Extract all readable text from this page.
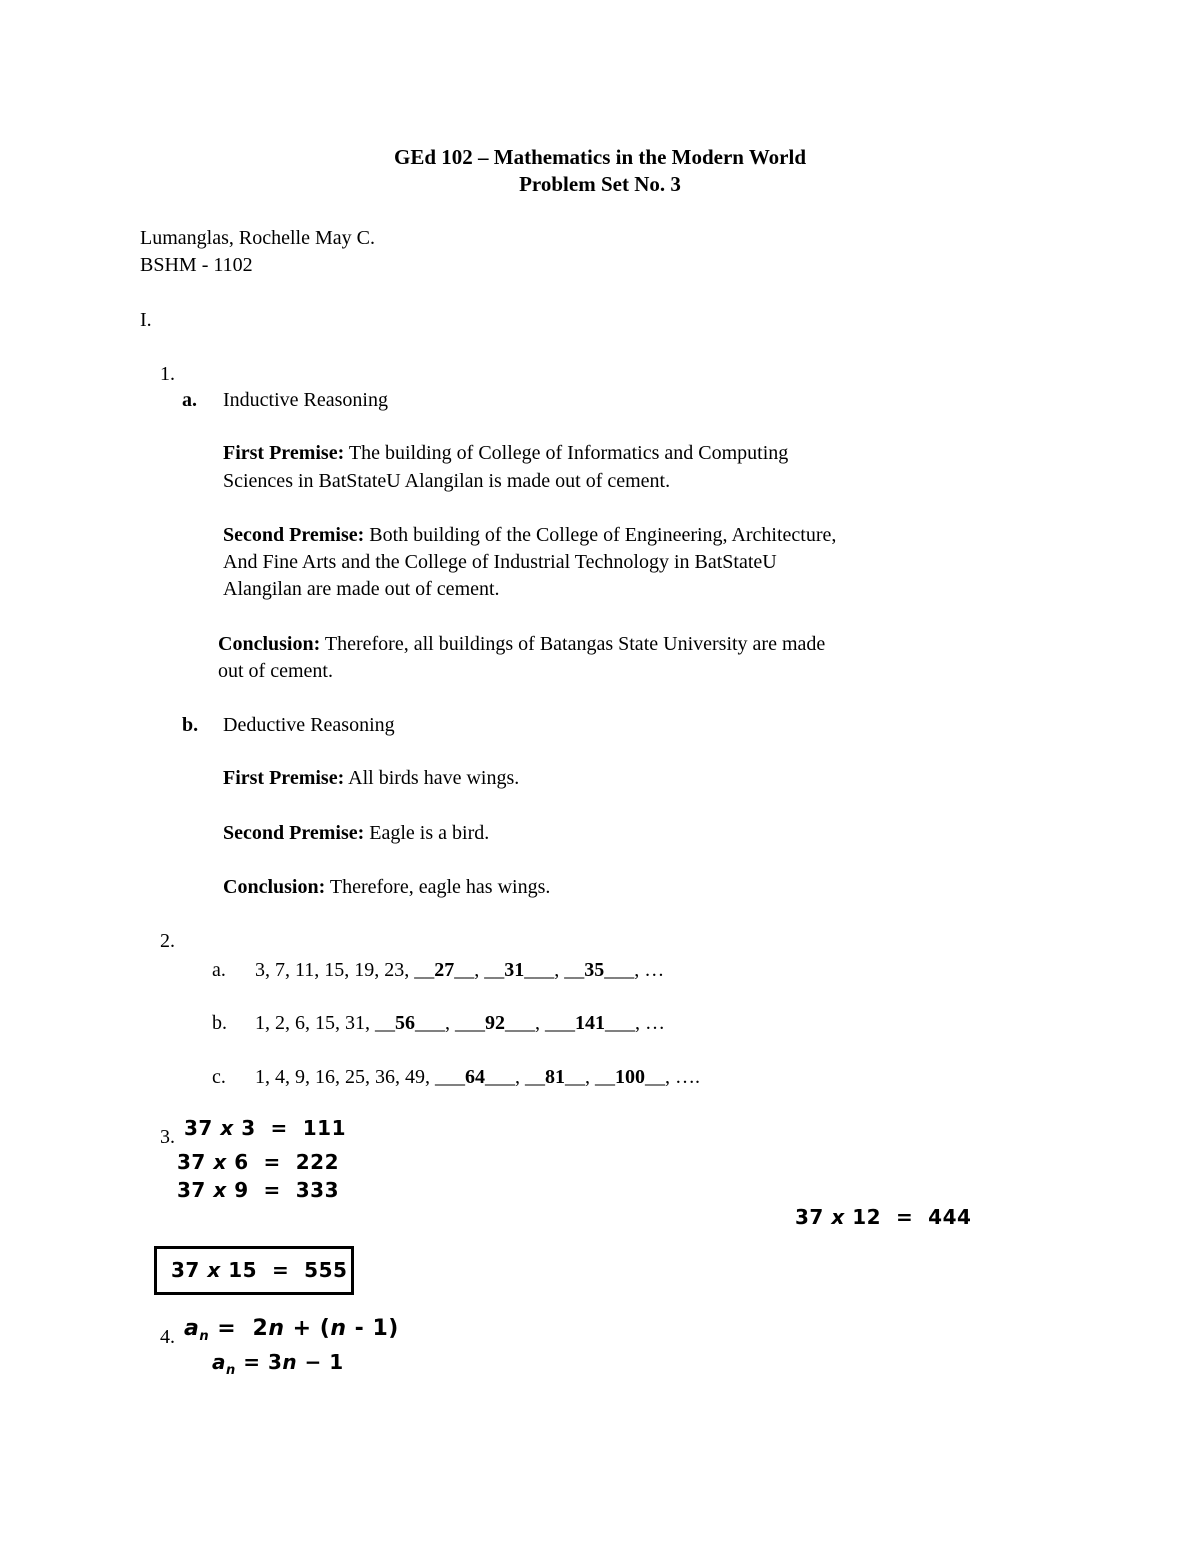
GEd 102 – Mathematics in the Modern World
Problem Set No. 3
Lumanglas, Rochelle May C.
BSHM - 1102
I.
1.
a. Inductive Reasoning
First Premise: The building of College of Informatics and Computing
Sciences in BatStateU Alangilan is made out of cement.
Second Premise: Both building of the College of Engineering, Architecture,
And Fine Arts and the College of Industrial Technology in BatStateU
Alangilan are made out of cement.
Conclusion: Therefore, all buildings of Batangas State University are made
out of cement.
b. Deductive Reasoning
First Premise: All birds have wings.
Second Premise: Eagle is a bird.
Conclusion: Therefore, eagle has wings.
2.
a. 3, 7, 11, 15, 19, 23, __27__, __31___, __35___, …
b. 1, 2, 6, 15, 31, __56___, ___92___, ___141___, …
c. 1, 4, 9, 16, 25, 36, 49, ___64___, __81__, __100__, ….
3. 37 x 3 = 111
37 x 6 = 222
37 x 9 = 333
37 x 12 = 444
37 x 15 = 555
4. $a_n = 2n + (n - 1)$
$a_n = 3n - 1$
